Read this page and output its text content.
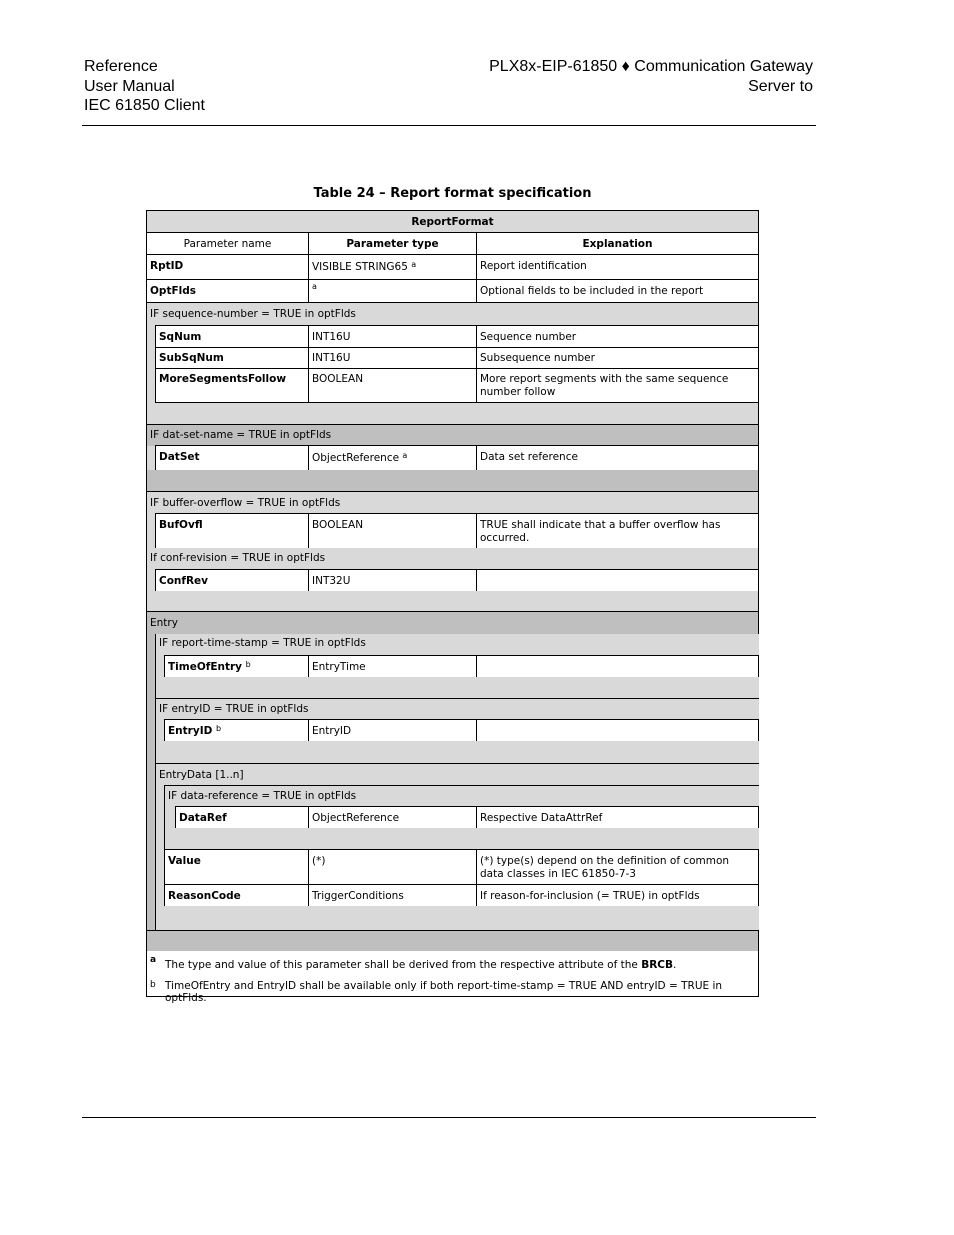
Reference
User Manual
IEC 61850 Client
PLX8x-EIP-61850 ♦ Communication Gateway
Server to
Table 24 – Report format specification
ReportFormat
Parameter name	Parameter type	Explanation
RptID	VISIBLE STRING65 $^a$	Report identification
OptFlds	$^a$	Optional fields to be included in the report
IF sequence-number = TRUE in optFlds
SqNum	INT16U	Sequence number
SubSqNum	INT16U	Subsequence number
MoreSegmentsFollow	BOOLEAN	More report segments with the same sequence number follow
IF dat-set-name = TRUE in optFlds
DatSet	ObjectReference $^a$	Data set reference
IF buffer-overflow = TRUE in optFlds
BufOvfl	BOOLEAN	TRUE shall indicate that a buffer overflow has occurred.
If conf-revision = TRUE in optFlds
ConfRev	INT32U
Entry
IF report-time-stamp = TRUE in optFlds
TimeOfEntry $^b$	EntryTime
IF entryID = TRUE in optFlds
EntryID $^b$	EntryID
EntryData [1..n]
IF data-reference = TRUE in optFlds
DataRef	ObjectReference	Respective DataAttrRef
Value	(*)	(*) type(s) depend on the definition of common data classes in IEC 61850-7-3
ReasonCode	TriggerConditions	If reason-for-inclusion (= TRUE) in optFlds
a The type and value of this parameter shall be derived from the respective attribute of the BRCB.
b TimeOfEntry and EntryID shall be available only if both report-time-stamp = TRUE AND entryID = TRUE in optFlds.
